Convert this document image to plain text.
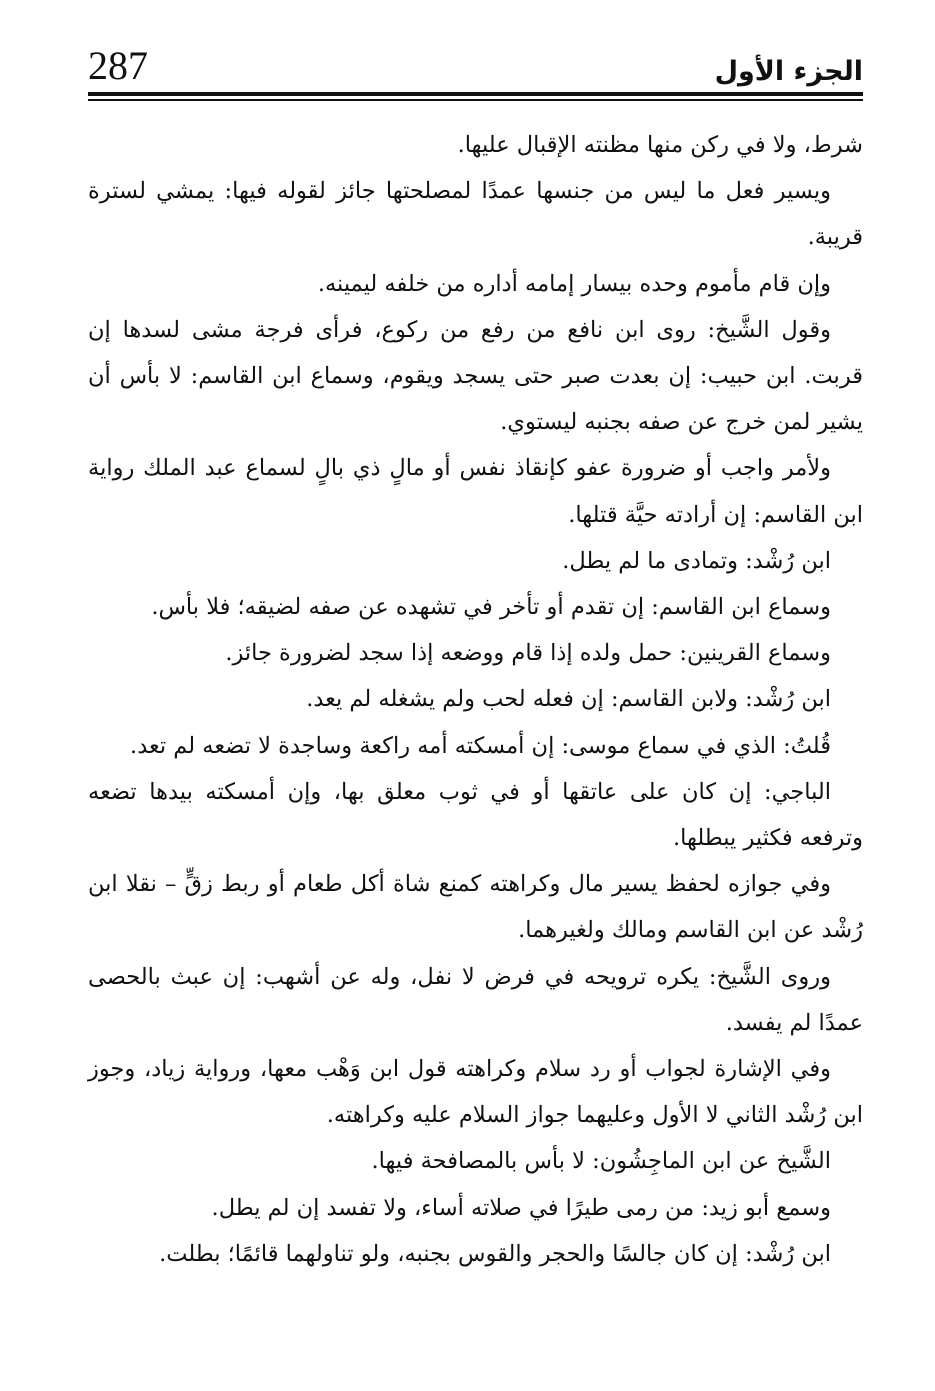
287	الجزء الأول

شرط، ولا في ركن منها مظنته الإقبال عليها.

ويسير فعل ما ليس من جنسها عمدًا لمصلحتها جائز لقوله فيها: يمشي لسترة قريبة.

وإن قام مأموم وحده بيسار إمامه أداره من خلفه ليمينه.

وقول الشَّيخ: روى ابن نافع من رفع من ركوع، فرأى فرجة مشى لسدها إن قربت. ابن حبيب: إن بعدت صبر حتى يسجد ويقوم، وسماع ابن القاسم: لا بأس أن يشير لمن خرج عن صفه بجنبه ليستوي.

ولأمر واجب أو ضرورة عفو كإنقاذ نفس أو مالٍ ذي بالٍ لسماع عبد الملك رواية ابن القاسم: إن أرادته حيَّة قتلها.

ابن رُشْد: وتمادى ما لم يطل.

وسماع ابن القاسم: إن تقدم أو تأخر في تشهده عن صفه لضيقه؛ فلا بأس.

وسماع القرينين: حمل ولده إذا قام ووضعه إذا سجد لضرورة جائز.

ابن رُشْد: ولابن القاسم: إن فعله لحب ولم يشغله لم يعد.

قُلتُ: الذي في سماع موسى: إن أمسكته أمه راكعة وساجدة لا تضعه لم تعد.

الباجي: إن كان على عاتقها أو في ثوب معلق بها، وإن أمسكته بيدها تضعه وترفعه فكثير يبطلها.

وفي جوازه لحفظ يسير مال وكراهته كمنع شاة أكل طعام أو ربط زقٍّ – نقلا ابن رُشْد عن ابن القاسم ومالك ولغيرهما.

وروى الشَّيخ: يكره ترويحه في فرض لا نفل، وله عن أشهب: إن عبث بالحصى عمدًا لم يفسد.

وفي الإشارة لجواب أو رد سلام وكراهته قول ابن وَهْب معها، ورواية زياد، وجوز ابن رُشْد الثاني لا الأول وعليهما جواز السلام عليه وكراهته.

الشَّيخ عن ابن الماجِشُون: لا بأس بالمصافحة فيها.

وسمع أبو زيد: من رمى طيرًا في صلاته أساء، ولا تفسد إن لم يطل.

ابن رُشْد: إن كان جالسًا والحجر والقوس بجنبه، ولو تناولهما قائمًا؛ بطلت.
